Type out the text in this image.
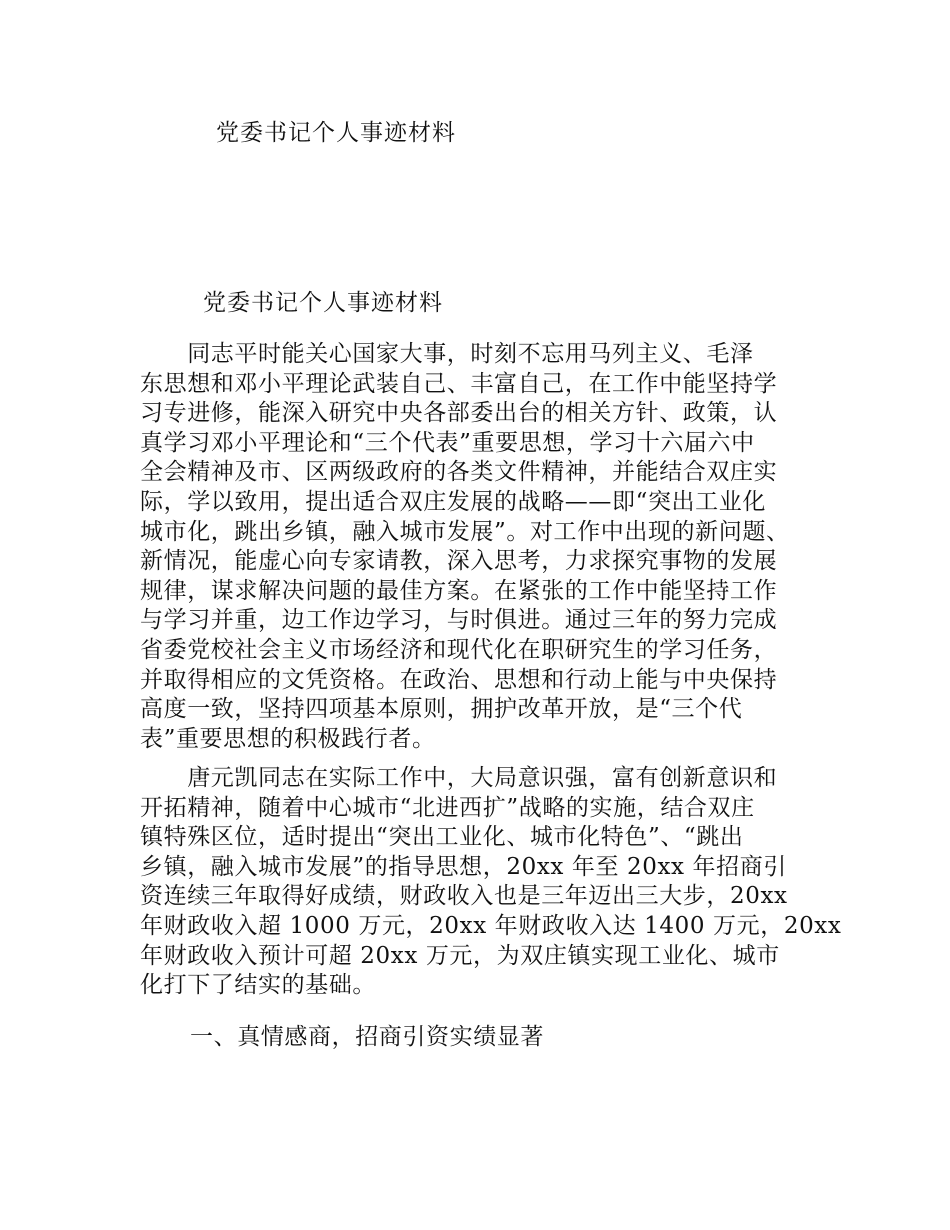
党委书记个人事迹材料
党委书记个人事迹材料
　　同志平时能关心国家大事，时刻不忘用马列主义、毛泽
东思想和邓小平理论武装自己、丰富自己，在工作中能坚持学
习专进修，能深入研究中央各部委出台的相关方针、政策，认
真学习邓小平理论和“三个代表”重要思想，学习十六届六中
全会精神及市、区两级政府的各类文件精神，并能结合双庄实
际，学以致用，提出适合双庄发展的战略——即“突出工业化
城市化，跳出乡镇，融入城市发展”。对工作中出现的新问题、
新情况，能虚心向专家请教，深入思考，力求探究事物的发展
规律，谋求解决问题的最佳方案。在紧张的工作中能坚持工作
与学习并重，边工作边学习，与时俱进。通过三年的努力完成
省委党校社会主义市场经济和现代化在职研究生的学习任务，
并取得相应的文凭资格。在政治、思想和行动上能与中央保持
高度一致，坚持四项基本原则，拥护改革开放，是“三个代
表”重要思想的积极践行者。
　　唐元凯同志在实际工作中，大局意识强，富有创新意识和
开拓精神，随着中心城市“北进西扩”战略的实施，结合双庄
镇特殊区位，适时提出“突出工业化、城市化特色”、“跳出
乡镇，融入城市发展”的指导思想，20xx 年至 20xx 年招商引
资连续三年取得好成绩，财政收入也是三年迈出三大步，20xx
年财政收入超 1000 万元，20xx 年财政收入达 1400 万元，20xx
年财政收入预计可超 20xx 万元，为双庄镇实现工业化、城市
化打下了结实的基础。
一、真情感商，招商引资实绩显著
